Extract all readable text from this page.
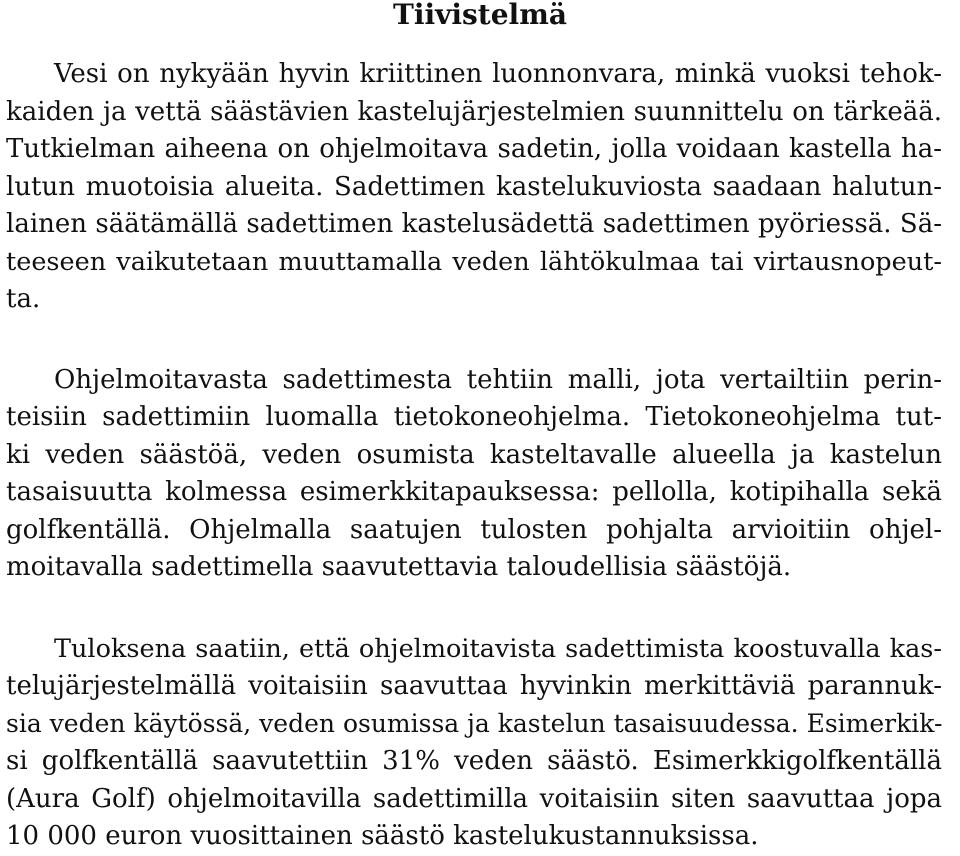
Tiivistelmä
Vesi on nykyään hyvin kriittinen luonnonvara, minkä vuoksi tehok-
kaiden ja vettä säästävien kastelujärjestelmien suunnittelu on tärkeää.
Tutkielman aiheena on ohjelmoitava sadetin, jolla voidaan kastella ha-
lutun muotoisia alueita. Sadettimen kastelukuviosta saadaan halutun-
lainen säätämällä sadettimen kastelusädettä sadettimen pyöriessä. Sä-
teeseen vaikutetaan muuttamalla veden lähtökulmaa tai virtausnopeut-
ta.
Ohjelmoitavasta sadettimesta tehtiin malli, jota vertailtiin perin-
teisiin sadettimiin luomalla tietokoneohjelma. Tietokoneohjelma tut-
ki veden säästöä, veden osumista kasteltavalle alueella ja kastelun
tasaisuutta kolmessa esimerkkitapauksessa: pellolla, kotipihalla sekä
golfkentällä. Ohjelmalla saatujen tulosten pohjalta arvioitiin ohjel-
moitavalla sadettimella saavutettavia taloudellisia säästöjä.
Tuloksena saatiin, että ohjelmoitavista sadettimista koostuvalla kas-
telujärjestelmällä voitaisiin saavuttaa hyvinkin merkittäviä parannuk-
sia veden käytössä, veden osumissa ja kastelun tasaisuudessa. Esimerkik-
si golfkentällä saavutettiin 31% veden säästö. Esimerkkigolfkentällä
(Aura Golf) ohjelmoitavilla sadettimilla voitaisiin siten saavuttaa jopa
10 000 euron vuosittainen säästö kastelukustannuksissa.
